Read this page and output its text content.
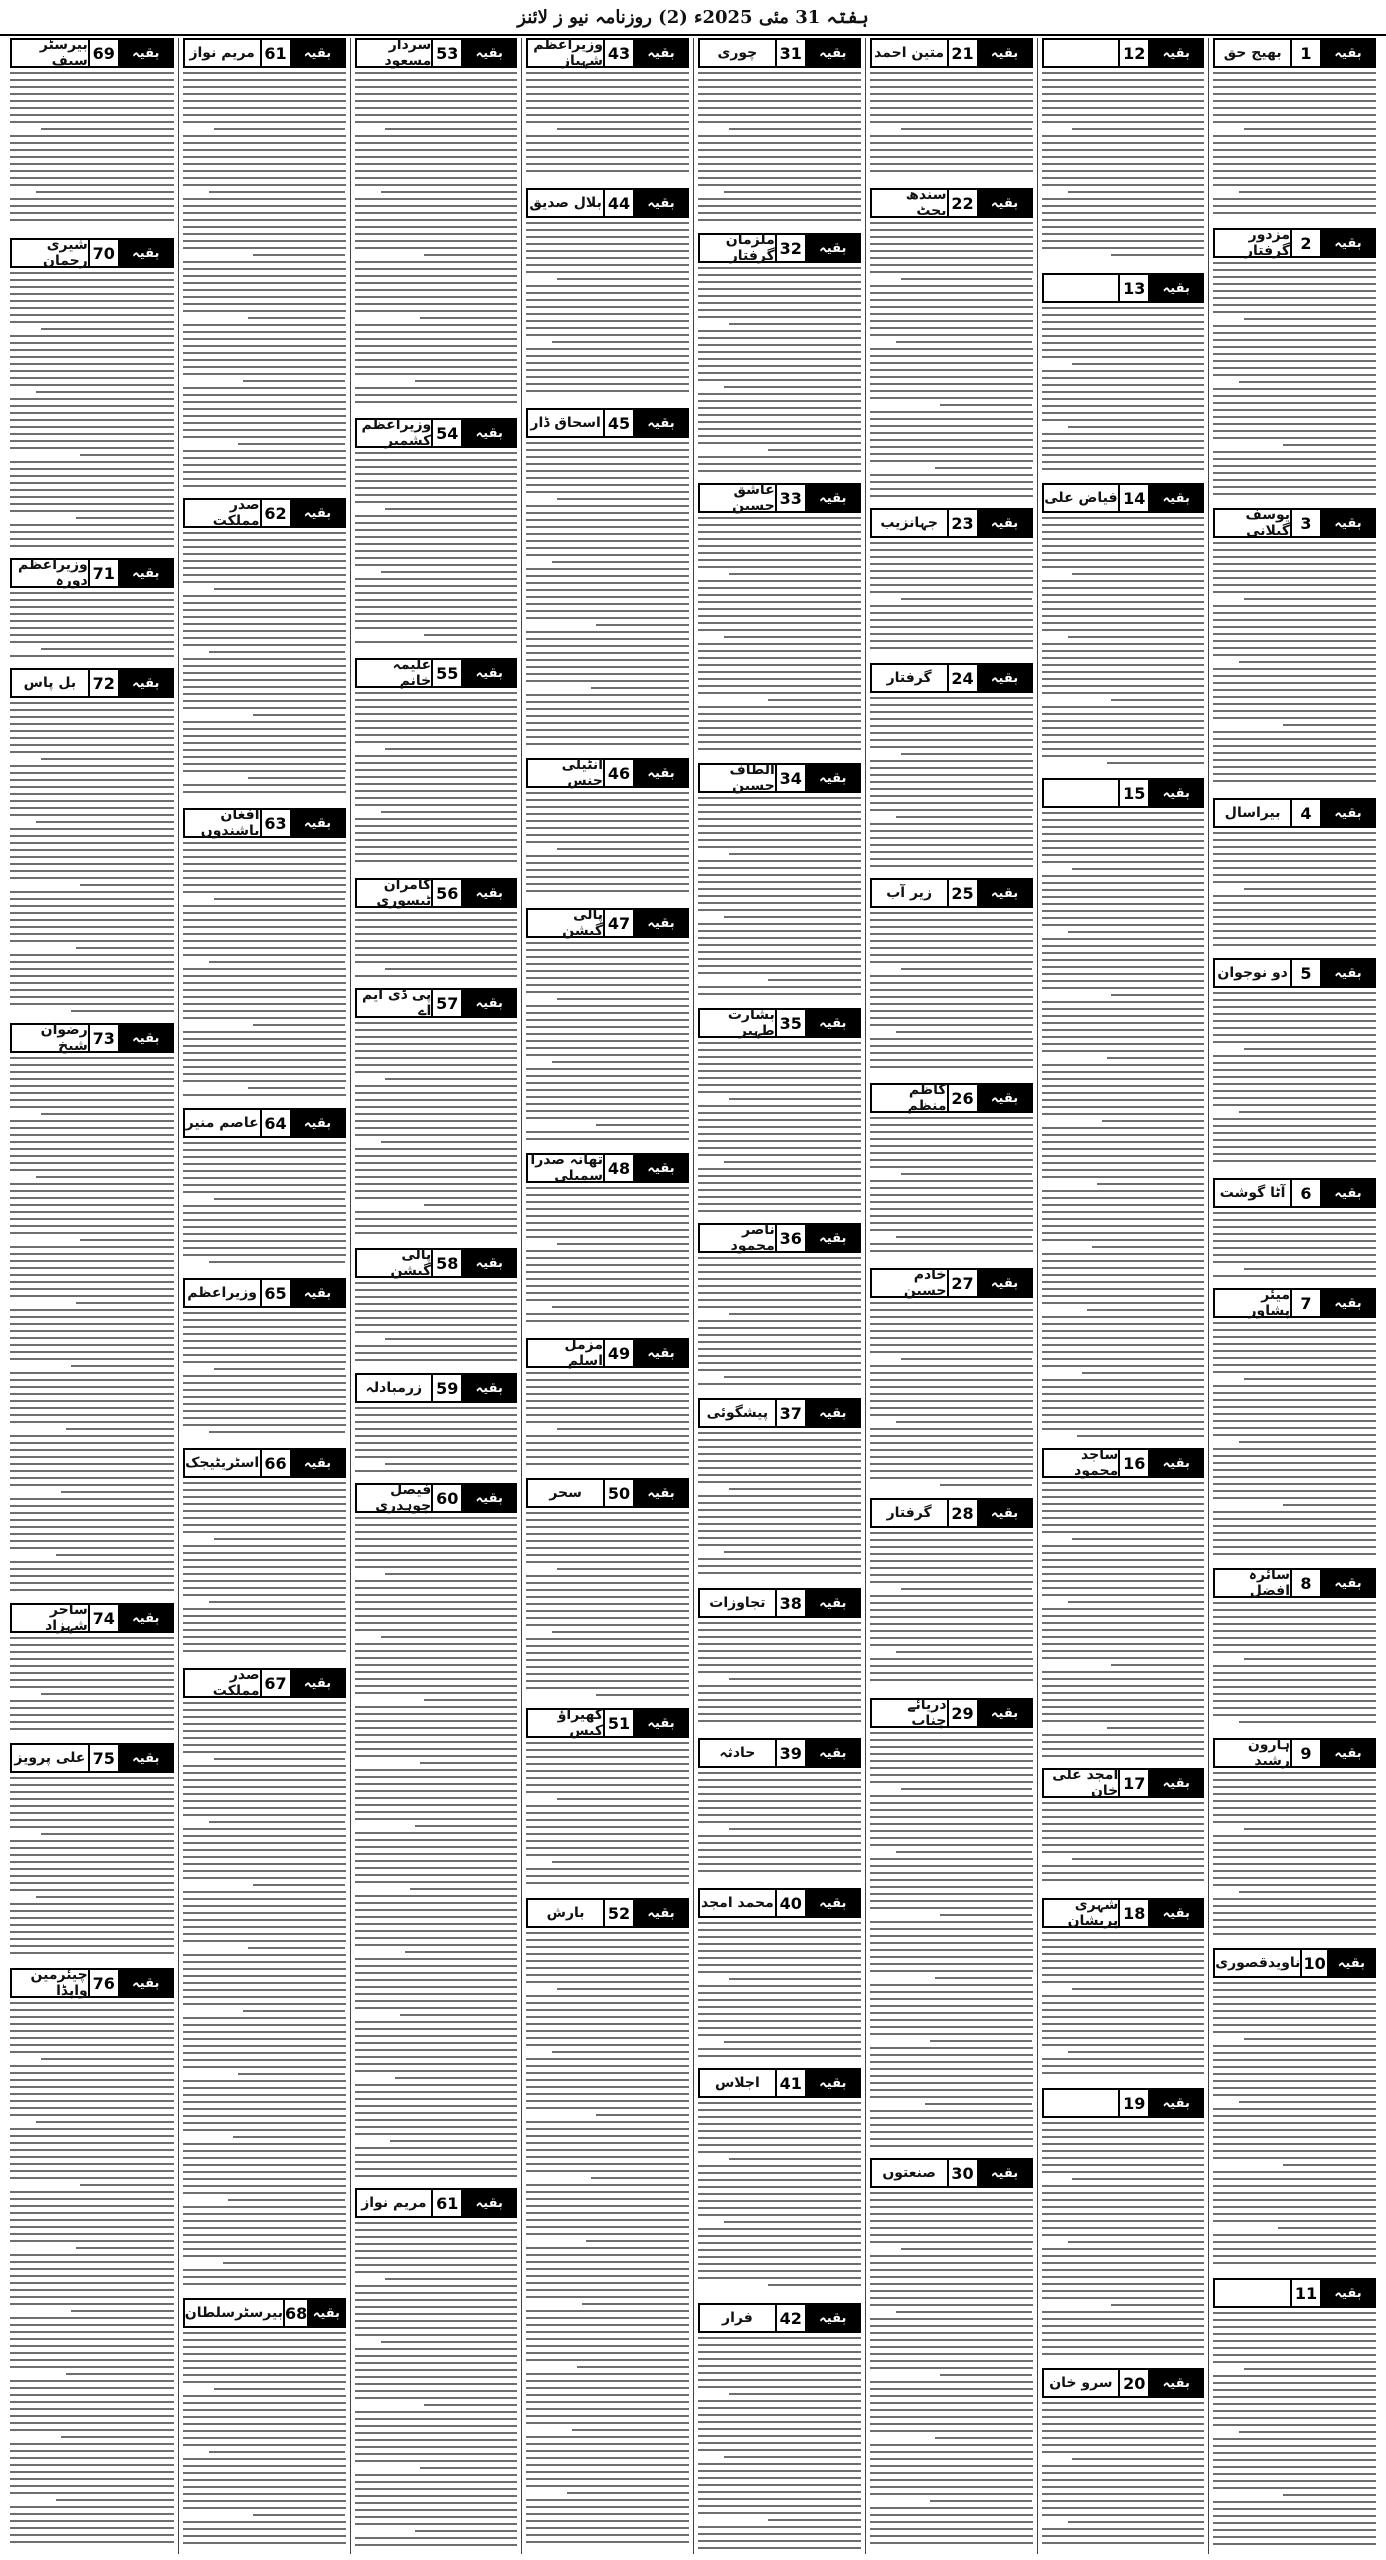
ہفتہ 31 مئی 2025ء (2) روزنامہ نیو ز لائنز
بقیہ
1
بھیج حق
بقیہ
2
مزدور گرفتار
بقیہ
3
یوسف گیلانی
بقیہ
4
بیراسال
بقیہ
5
دو نوجوان
بقیہ
6
آٹا گوشت
بقیہ
7
میئر پشاور
بقیہ
8
سائرہ افضل
بقیہ
9
ہارون رشید
بقیہ
10
ناویدقصوری
بقیہ
11
بقیہ
12
بقیہ
13
بقیہ
14
فیاض علی
بقیہ
15
بقیہ
16
ساجد محمود
بقیہ
17
امجد علی خان
بقیہ
18
شہری پریشان
بقیہ
19
بقیہ
20
سرو خان
بقیہ
21
متین احمد
بقیہ
22
سندھ بجٹ
بقیہ
23
جہانزیب
بقیہ
24
گرفتار
بقیہ
25
زیر آب
بقیہ
26
کاظم منظم
بقیہ
27
خادم حسین
بقیہ
28
گرفتار
بقیہ
29
دریائے چناب
بقیہ
30
صنعتوں
بقیہ
31
چوری
بقیہ
32
ملزمان گرفتار
بقیہ
33
عاشق حسین
بقیہ
34
الطاف حسین
بقیہ
35
بشارت طہیر
بقیہ
36
ناصر محمود
بقیہ
37
پیشگوئی
بقیہ
38
تجاوزات
بقیہ
39
حادثہ
بقیہ
40
محمد امجد
بقیہ
41
اجلاس
بقیہ
42
فرار
بقیہ
43
وزیراعظم شہباز
بقیہ
44
بلال صدیق
بقیہ
45
اسحاق ڈار
بقیہ
46
انٹیلی جنس
بقیہ
47
پالی گیشن
بقیہ
48
تھانہ صدرا سمبلی
بقیہ
49
مزمل اسلم
بقیہ
50
سحر
بقیہ
51
گھیراؤ کیس
بقیہ
52
بارش
بقیہ
53
سردار مسعود
بقیہ
54
وزیراعظم کشمیر
بقیہ
55
علیمہ خانم
بقیہ
56
کامران ٹیسوری
بقیہ
57
پی ڈی ایم اے
بقیہ
58
پالی گیشن
بقیہ
59
زرمبادلہ
بقیہ
60
فیصل چوہدری
بقیہ
61
مریم نواز
بقیہ
61
مریم نواز
بقیہ
62
صدر مملکت
بقیہ
63
افغان باشندوں
بقیہ
64
عاصم منیر
بقیہ
65
وزیراعظم
بقیہ
66
اسٹریٹیجک
بقیہ
67
صدر مملکت
بقیہ
68
بیرسٹرسلطان
بقیہ
69
بیرسٹر سیف
بقیہ
70
شیری رحمان
بقیہ
71
وزیراعظم دورہ
بقیہ
72
بل پاس
بقیہ
73
رضوان شیخ
بقیہ
74
ساحر شہزاد
بقیہ
75
علی پرویز
بقیہ
76
چیئرمین واپڈا
